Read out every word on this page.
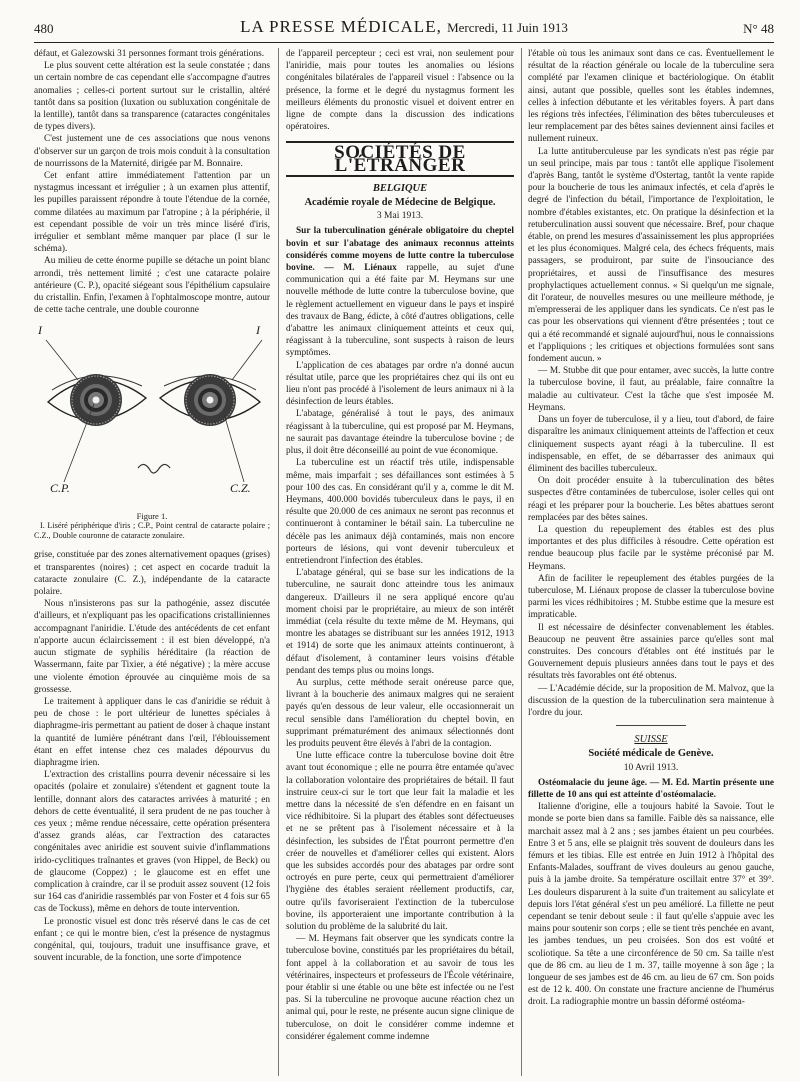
480	LA PRESSE MÉDICALE, Mercredi, 11 Juin 1913	N° 48

défaut, et Galezowski 31 personnes formant trois générations.

Le plus souvent cette altération est la seule constatée ; dans un certain nombre de cas cependant elle s'accompagne d'autres anomalies ; celles-ci portent surtout sur le cristallin, altéré tantôt dans sa position (luxation ou subluxation congénitale de la lentille), tantôt dans sa transparence (cataractes congénitales de types divers).

C'est justement une de ces associations que nous venons d'observer sur un garçon de trois mois conduit à la consultation de nourrissons de la Maternité, dirigée par M. Bonnaire.

Cet enfant attire immédiatement l'attention par un nystagmus incessant et irrégulier ; à un examen plus attentif, les pupilles paraissent répondre à toute l'étendue de la cornée, comme dilatées au maximum par l'atropine ; à la périphérie, il est cependant possible de voir un très mince liséré d'iris, irrégulier et semblant même manquer par place (I sur le schéma).

Au milieu de cette énorme pupille se détache un point blanc arrondi, très nettement limité ; c'est une cataracte polaire antérieure (C. P.), opacité siégeant sous l'épithélium capsulaire du cristallin. Enfin, l'examen à l'ophtalmoscope montre, autour de cette tache centrale, une double couronne

I	I
C.P.	C.Z.
Figure 1.
I. Liséré périphérique d'iris ; C.P., Point central de cataracte polaire ; C.Z., Double couronne de cataracte zonulaire.

grise, constituée par des zones alternativement opaques (grises) et transparentes (noires) ; cet aspect en cocarde traduit la cataracte zonulaire (C. Z.), indépendante de la cataracte polaire.

Nous n'insisterons pas sur la pathogénie, assez discutée d'ailleurs, et n'expliquant pas les opacifications cristalliniennes accompagnant l'aniridie. L'étude des antécédents de cet enfant n'apporte aucun éclaircissement : il est bien développé, n'a aucun stigmate de syphilis héréditaire (la réaction de Wassermann, faite par Tixier, a été négative) ; la mère accuse une violente émotion éprouvée au cinquième mois de sa grossesse.

Le traitement à appliquer dans le cas d'aniridie se réduit à peu de chose : le port ultérieur de lunettes spéciales à diaphragme-iris permettant au patient de doser à chaque instant la quantité de lumière pénétrant dans l'œil, l'éblouissement étant en effet intense chez ces malades dépourvus du diaphragme irien.

L'extraction des cristallins pourra devenir nécessaire si les opacités (polaire et zonulaire) s'étendent et gagnent toute la lentille, donnant alors des cataractes arrivées à maturité ; en dehors de cette éventualité, il sera prudent de ne pas toucher à ces yeux ; même rendue nécessaire, cette opération présentera d'assez grands aléas, car l'extraction des cataractes congénitales avec aniridie est souvent suivie d'inflammations irido-cyclitiques traînantes et graves (von Hippel, de Beck) ou de glaucome (Coppez) ; le glaucome est en effet une complication à craindre, car il se produit assez souvent (12 fois sur 164 cas d'aniridie rassemblés par von Foster et 4 fois sur 65 cas de Tockuss), même en dehors de toute intervention.

Le pronostic visuel est donc très réservé dans le cas de cet enfant ; ce qui le montre bien, c'est la présence de nystagmus congénital, qui, toujours, traduit une insuffisance grave, et souvent incurable, de la fonction, une sorte d'impotence

de l'appareil percepteur ; ceci est vrai, non seulement pour l'aniridie, mais pour toutes les anomalies ou lésions congénitales bilatérales de l'appareil visuel : l'absence ou la présence, la forme et le degré du nystagmus forment les meilleurs éléments du pronostic visuel et doivent entrer en ligne de compte dans la discussion des indications opératoires.

SOCIÉTÉS DE L'ÉTRANGER
BELGIQUE
Académie royale de Médecine de Belgique.
3 Mai 1913.

Sur la tuberculination générale obligatoire du cheptel bovin et sur l'abatage des animaux reconnus atteints considérés comme moyens de lutte contre la tuberculose bovine. — M. Liénaux rappelle, au sujet d'une communication qui a été faite par M. Heymans sur une nouvelle méthode de lutte contre la tuberculose bovine, que le règlement actuellement en vigueur dans le pays et inspiré des travaux de Bang, édicte, à côté d'autres obligations, celle d'abattre les animaux cliniquement atteints et ceux qui, réagissant à la tuberculine, sont suspects à raison de leurs symptômes.

L'application de ces abatages par ordre n'a donné aucun résultat utile, parce que les propriétaires chez qui ils ont eu lieu n'ont pas procédé à l'isolement de leurs animaux ni à la désinfection de leurs étables.

L'abatage, généralisé à tout le pays, des animaux réagissant à la tuberculine, qui est proposé par M. Heymans, ne saurait pas davantage éteindre la tuberculose bovine ; de plus, il doit être déconseillé au point de vue économique.

La tuberculine est un réactif très utile, indispensable même, mais imparfait ; ses défaillances sont estimées à 5 pour 100 des cas. En considérant qu'il y a, comme le dit M. Heymans, 400.000 bovidés tuberculeux dans le pays, il en résulte que 20.000 de ces animaux ne seront pas reconnus et continueront à contaminer le bétail sain. La tuberculine ne décèle pas les animaux déjà contaminés, mais non encore porteurs de lésions, qui vont devenir tuberculeux et entretiendront l'infection des étables.

L'abatage général, qui se base sur les indications de la tuberculine, ne saurait donc atteindre tous les animaux dangereux. D'ailleurs il ne sera appliqué encore qu'au moment choisi par le propriétaire, au mieux de son intérêt immédiat (cela résulte du texte même de M. Heymans, qui montre les abatages se distribuant sur les années 1912, 1913 et 1914) de sorte que les animaux atteints continueront, à défaut d'isolement, à contaminer leurs voisins d'étable pendant des temps plus ou moins longs.

Au surplus, cette méthode serait onéreuse parce que, livrant à la boucherie des animaux malgres qui ne seraient payés qu'en dessous de leur valeur, elle occasionnerait un recul sensible dans l'amélioration du cheptel bovin, en supprimant prématurément des animaux sélectionnés dont les produits peuvent être élevés à l'abri de la contagion.

Une lutte efficace contre la tuberculose bovine doit être avant tout économique ; elle ne pourra être entamée qu'avec la collaboration volontaire des propriétaires de bétail. Il faut instruire ceux-ci sur le tort que leur fait la maladie et les mettre dans la nécessité de s'en défendre en en faisant un vice rédhibitoire. Si la plupart des étables sont défectueuses et ne se prêtent pas à l'isolement nécessaire et à la désinfection, les subsides de l'État pourront permettre d'en créer de nouvelles et d'améliorer celles qui existent. Alors que les subsides accordés pour des abatages par ordre sont octroyés en pure perte, ceux qui permettraient d'améliorer l'hygiène des étables seraient réellement productifs, car, outre qu'ils favoriseraient l'extinction de la tuberculose bovine, ils apporteraient une importante contribution à la solution du problème de la salubrité du lait.

— M. Heymans fait observer que les syndicats contre la tuberculose bovine, constitués par les propriétaires du bétail, font appel à la collaboration et au savoir de tous les vétérinaires, inspecteurs et professeurs de l'École vétérinaire, pour établir si une étable ou une bête est infectée ou ne l'est pas. Si la tuberculine ne provoque aucune réaction chez un animal qui, pour le reste, ne présente aucun signe clinique de tuberculose, on doit le considérer comme indemne et considérer également comme indemne

l'étable où tous les animaux sont dans ce cas. Éventuellement le résultat de la réaction générale ou locale de la tuberculine sera complété par l'examen clinique et bactériologique. On établit ainsi, autant que possible, quelles sont les étables indemnes, celles à infection débutante et les véritables foyers. À part dans les régions très infectées, l'élimination des bêtes tuberculeuses et leur remplacement par des bêtes saines deviennent ainsi faciles et nullement ruineux.

La lutte antituberculeuse par les syndicats n'est pas régie par un seul principe, mais par tous : tantôt elle applique l'isolement d'après Bang, tantôt le système d'Ostertag, tantôt la vente rapide pour la boucherie de tous les animaux infectés, et cela d'après le degré de l'infection du bétail, l'importance de l'exploitation, le nombre d'étables existantes, etc. On pratique la désinfection et la retuberculination aussi souvent que nécessaire. Bref, pour chaque étable, on prend les mesures d'assainissement les plus appropriées et les plus économiques. Malgré cela, des échecs fréquents, mais passagers, se produiront, par suite de l'insouciance des propriétaires, et aussi de l'insuffisance des mesures prophylactiques actuellement connus. « Si quelqu'un me signale, dit l'orateur, de nouvelles mesures ou une meilleure méthode, je m'empresserai de les appliquer dans les syndicats. Ce n'est pas le cas pour les observations qui viennent d'être présentées ; tout ce qui a été recommandé et signalé aujourd'hui, nous le connaissions et l'appliquions ; les critiques et objections formulées sont sans fondement aucun. »

— M. Stubbe dit que pour entamer, avec succès, la lutte contre la tuberculose bovine, il faut, au préalable, faire connaître la maladie au cultivateur. C'est la tâche que s'est imposée M. Heymans.

Dans un foyer de tuberculose, il y a lieu, tout d'abord, de faire disparaître les animaux cliniquement atteints de l'affection et ceux cliniquement suspects ayant réagi à la tuberculine. Il est indispensable, en effet, de se débarrasser des animaux qui éliminent des bacilles tuberculeux.

On doit procéder ensuite à la tuberculination des bêtes suspectes d'être contaminées de tuberculose, isoler celles qui ont réagi et les préparer pour la boucherie. Les bêtes abattues seront remplacées par des bêtes saines.

La question du repeuplement des étables est des plus importantes et des plus difficiles à résoudre. Cette opération est rendue beaucoup plus facile par le système préconisé par M. Heymans.

Afin de faciliter le repeuplement des étables purgées de la tuberculose, M. Liénaux propose de classer la tuberculose bovine parmi les vices rédhibitoires ; M. Stubbe estime que la mesure est impraticable.

Il est nécessaire de désinfecter convenablement les étables. Beaucoup ne peuvent être assainies parce qu'elles sont mal construites. Des concours d'étables ont été institués par le Gouvernement depuis plusieurs années dans tout le pays et des résultats très favorables ont été obtenus.

— L'Académie décide, sur la proposition de M. Malvoz, que la discussion de la question de la tuberculination sera maintenue à l'ordre du jour.

SUISSE
Société médicale de Genève.
10 Avril 1913.

Ostéomalacie du jeune âge. — M. Ed. Martin présente une fillette de 10 ans qui est atteinte d'ostéomalacie.

Italienne d'origine, elle a toujours habité la Savoie. Tout le monde se porte bien dans sa famille. Faible dès sa naissance, elle marchait assez mal à 2 ans ; ses jambes étaient un peu courbées. Entre 3 et 5 ans, elle se plaignit très souvent de douleurs dans les fémurs et les tibias. Elle est entrée en Juin 1912 à l'hôpital des Enfants-Malades, souffrant de vives douleurs au genou gauche, puis à la jambe droite. Sa température oscillait entre 37° et 39°. Les douleurs disparurent à la suite d'un traitement au salicylate et depuis lors l'état général s'est un peu amélioré. La fillette ne peut cependant se tenir debout seule : il faut qu'elle s'appuie avec les mains pour soutenir son corps ; elle se tient très penchée en avant, les jambes tendues, un peu croisées. Son dos est voûté et scoliotique. Sa tête a une circonférence de 50 cm. Sa taille n'est que de 86 cm. au lieu de 1 m. 37, taille moyenne à son âge ; la longueur de ses jambes est de 46 cm. au lieu de 67 cm. Son poids est de 12 k. 400. On constate une fracture ancienne de l'humérus droit. La radiographie montre un bassin déformé ostéoma-
